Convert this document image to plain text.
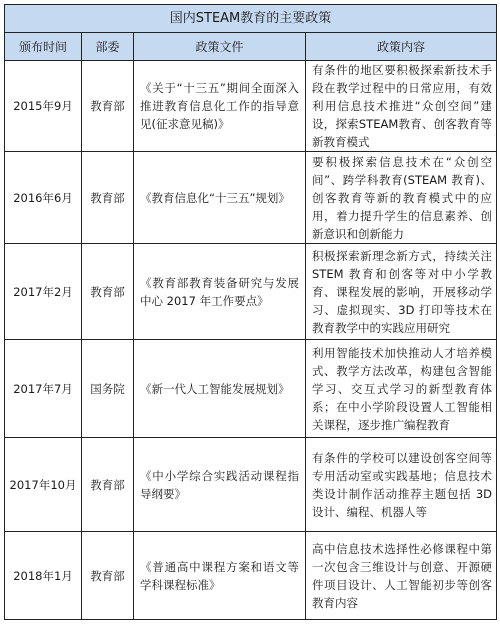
国内STEAM教育的主要政策			
颁布时间	部委	政策文件	政策内容
2015年9月	教育部	《关于“十三五”期间全面深入推进教育信息化工作的指导意见(征求意见稿)》	有条件的地区要积极探索新技术手段在教学过程中的日常应用，有效利用信息技术推进“众创空间”建设，探索STEAM教育、创客教育等新教育模式
2016年6月	教育部	《教育信息化“十三五”规划》	要积极探索信息技术在“众创空间”、跨学科教育(STEAM 教育)、创客教育等新的教育模式中的应用，着力提升学生的信息素养、创新意识和创新能力
2017年2月	教育部	《教育部教育装备研究与发展中心 2017 年工作要点》	积极探索新理念新方式，持续关注 STEM 教育和创客等对中小学教育、课程发展的影响，开展移动学习、虚拟现实、3D 打印等技术在教育教学中的实践应用研究
2017年7月	国务院	《新一代人工智能发展规划》	利用智能技术加快推动人才培养模式、教学方法改革，构建包含智能学习、交互式学习的新型教育体系；在中小学阶段设置人工智能相关课程，逐步推广编程教育
2017年10月	教育部	《中小学综合实践活动课程指导纲要》	有条件的学校可以建设创客空间等专用活动室或实践基地；信息技术类设计制作活动推荐主题包括 3D 设计、编程、机器人等
2018年1月	教育部	《普通高中课程方案和语文等学科课程标准》	高中信息技术选择性必修课程中第一次包含三维设计与创意、开源硬件项目设计、人工智能初步等创客教育内容
